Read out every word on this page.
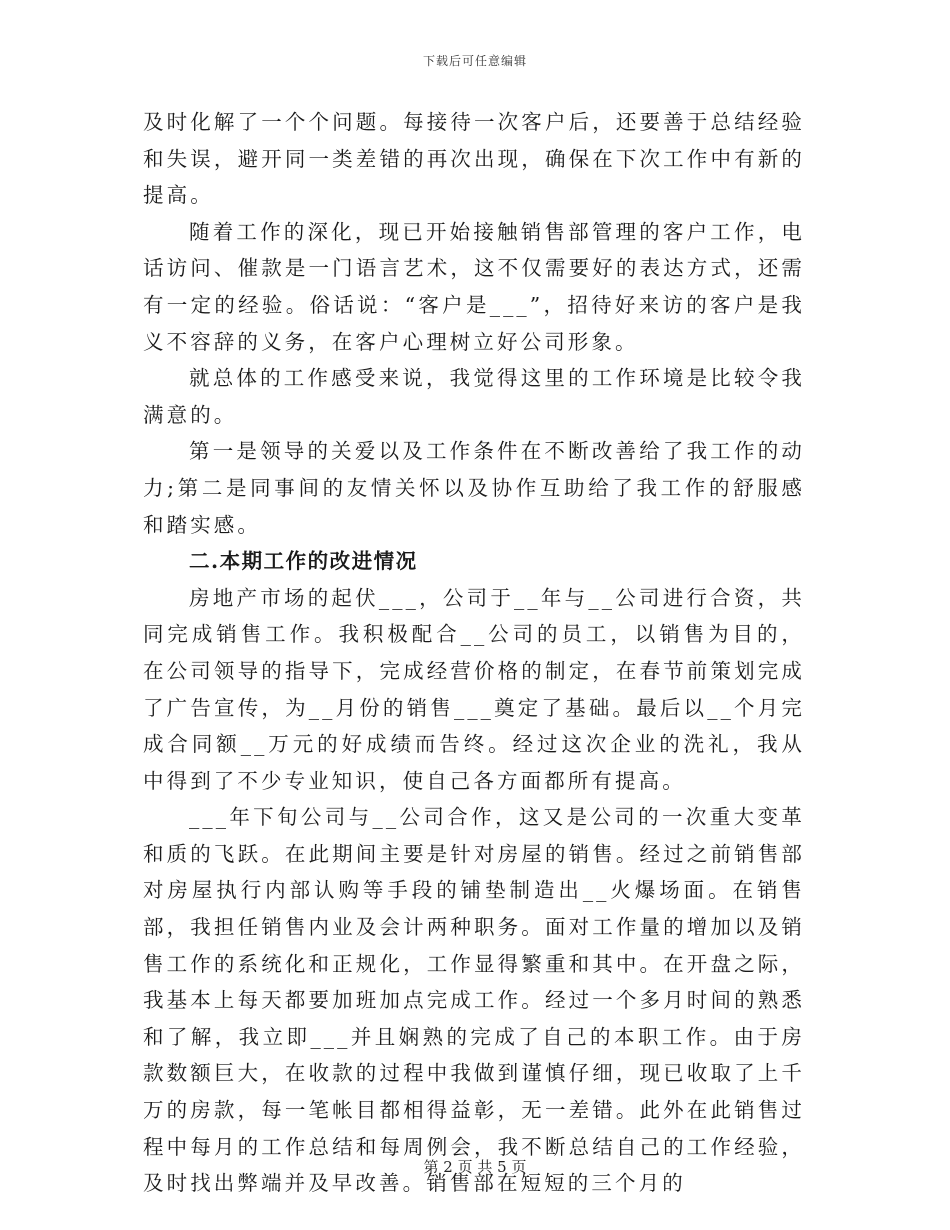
下载后可任意编辑

及时化解了一个个问题。每接待一次客户后，还要善于总结经验和失误，避开同一类差错的再次出现，确保在下次工作中有新的提高。

随着工作的深化，现已开始接触销售部管理的客户工作，电话访问、催款是一门语言艺术，这不仅需要好的表达方式，还需有一定的经验。俗话说：“客户是___”，招待好来访的客户是我义不容辞的义务，在客户心理树立好公司形象。

就总体的工作感受来说，我觉得这里的工作环境是比较令我满意的。

第一是领导的关爱以及工作条件在不断改善给了我工作的动力;第二是同事间的友情关怀以及协作互助给了我工作的舒服感和踏实感。

二.本期工作的改进情况

房地产市场的起伏___，公司于__年与__公司进行合资，共同完成销售工作。我积极配合__公司的员工，以销售为目的，在公司领导的指导下，完成经营价格的制定，在春节前策划完成了广告宣传，为__月份的销售___奠定了基础。最后以__个月完成合同额__万元的好成绩而告终。经过这次企业的洗礼，我从中得到了不少专业知识，使自己各方面都所有提高。

___年下旬公司与__公司合作，这又是公司的一次重大变革和质的飞跃。在此期间主要是针对房屋的销售。经过之前销售部对房屋执行内部认购等手段的铺垫制造出__火爆场面。在销售部，我担任销售内业及会计两种职务。面对工作量的增加以及销售工作的系统化和正规化，工作显得繁重和其中。在开盘之际，我基本上每天都要加班加点完成工作。经过一个多月时间的熟悉和了解，我立即___并且娴熟的完成了自己的本职工作。由于房款数额巨大，在收款的过程中我做到谨慎仔细，现已收取了上千万的房款，每一笔帐目都相得益彰，无一差错。此外在此销售过程中每月的工作总结和每周例会，我不断总结自己的工作经验，及时找出弊端并及早改善。销售部在短短的三个月的

第 2 页 共 5 页
